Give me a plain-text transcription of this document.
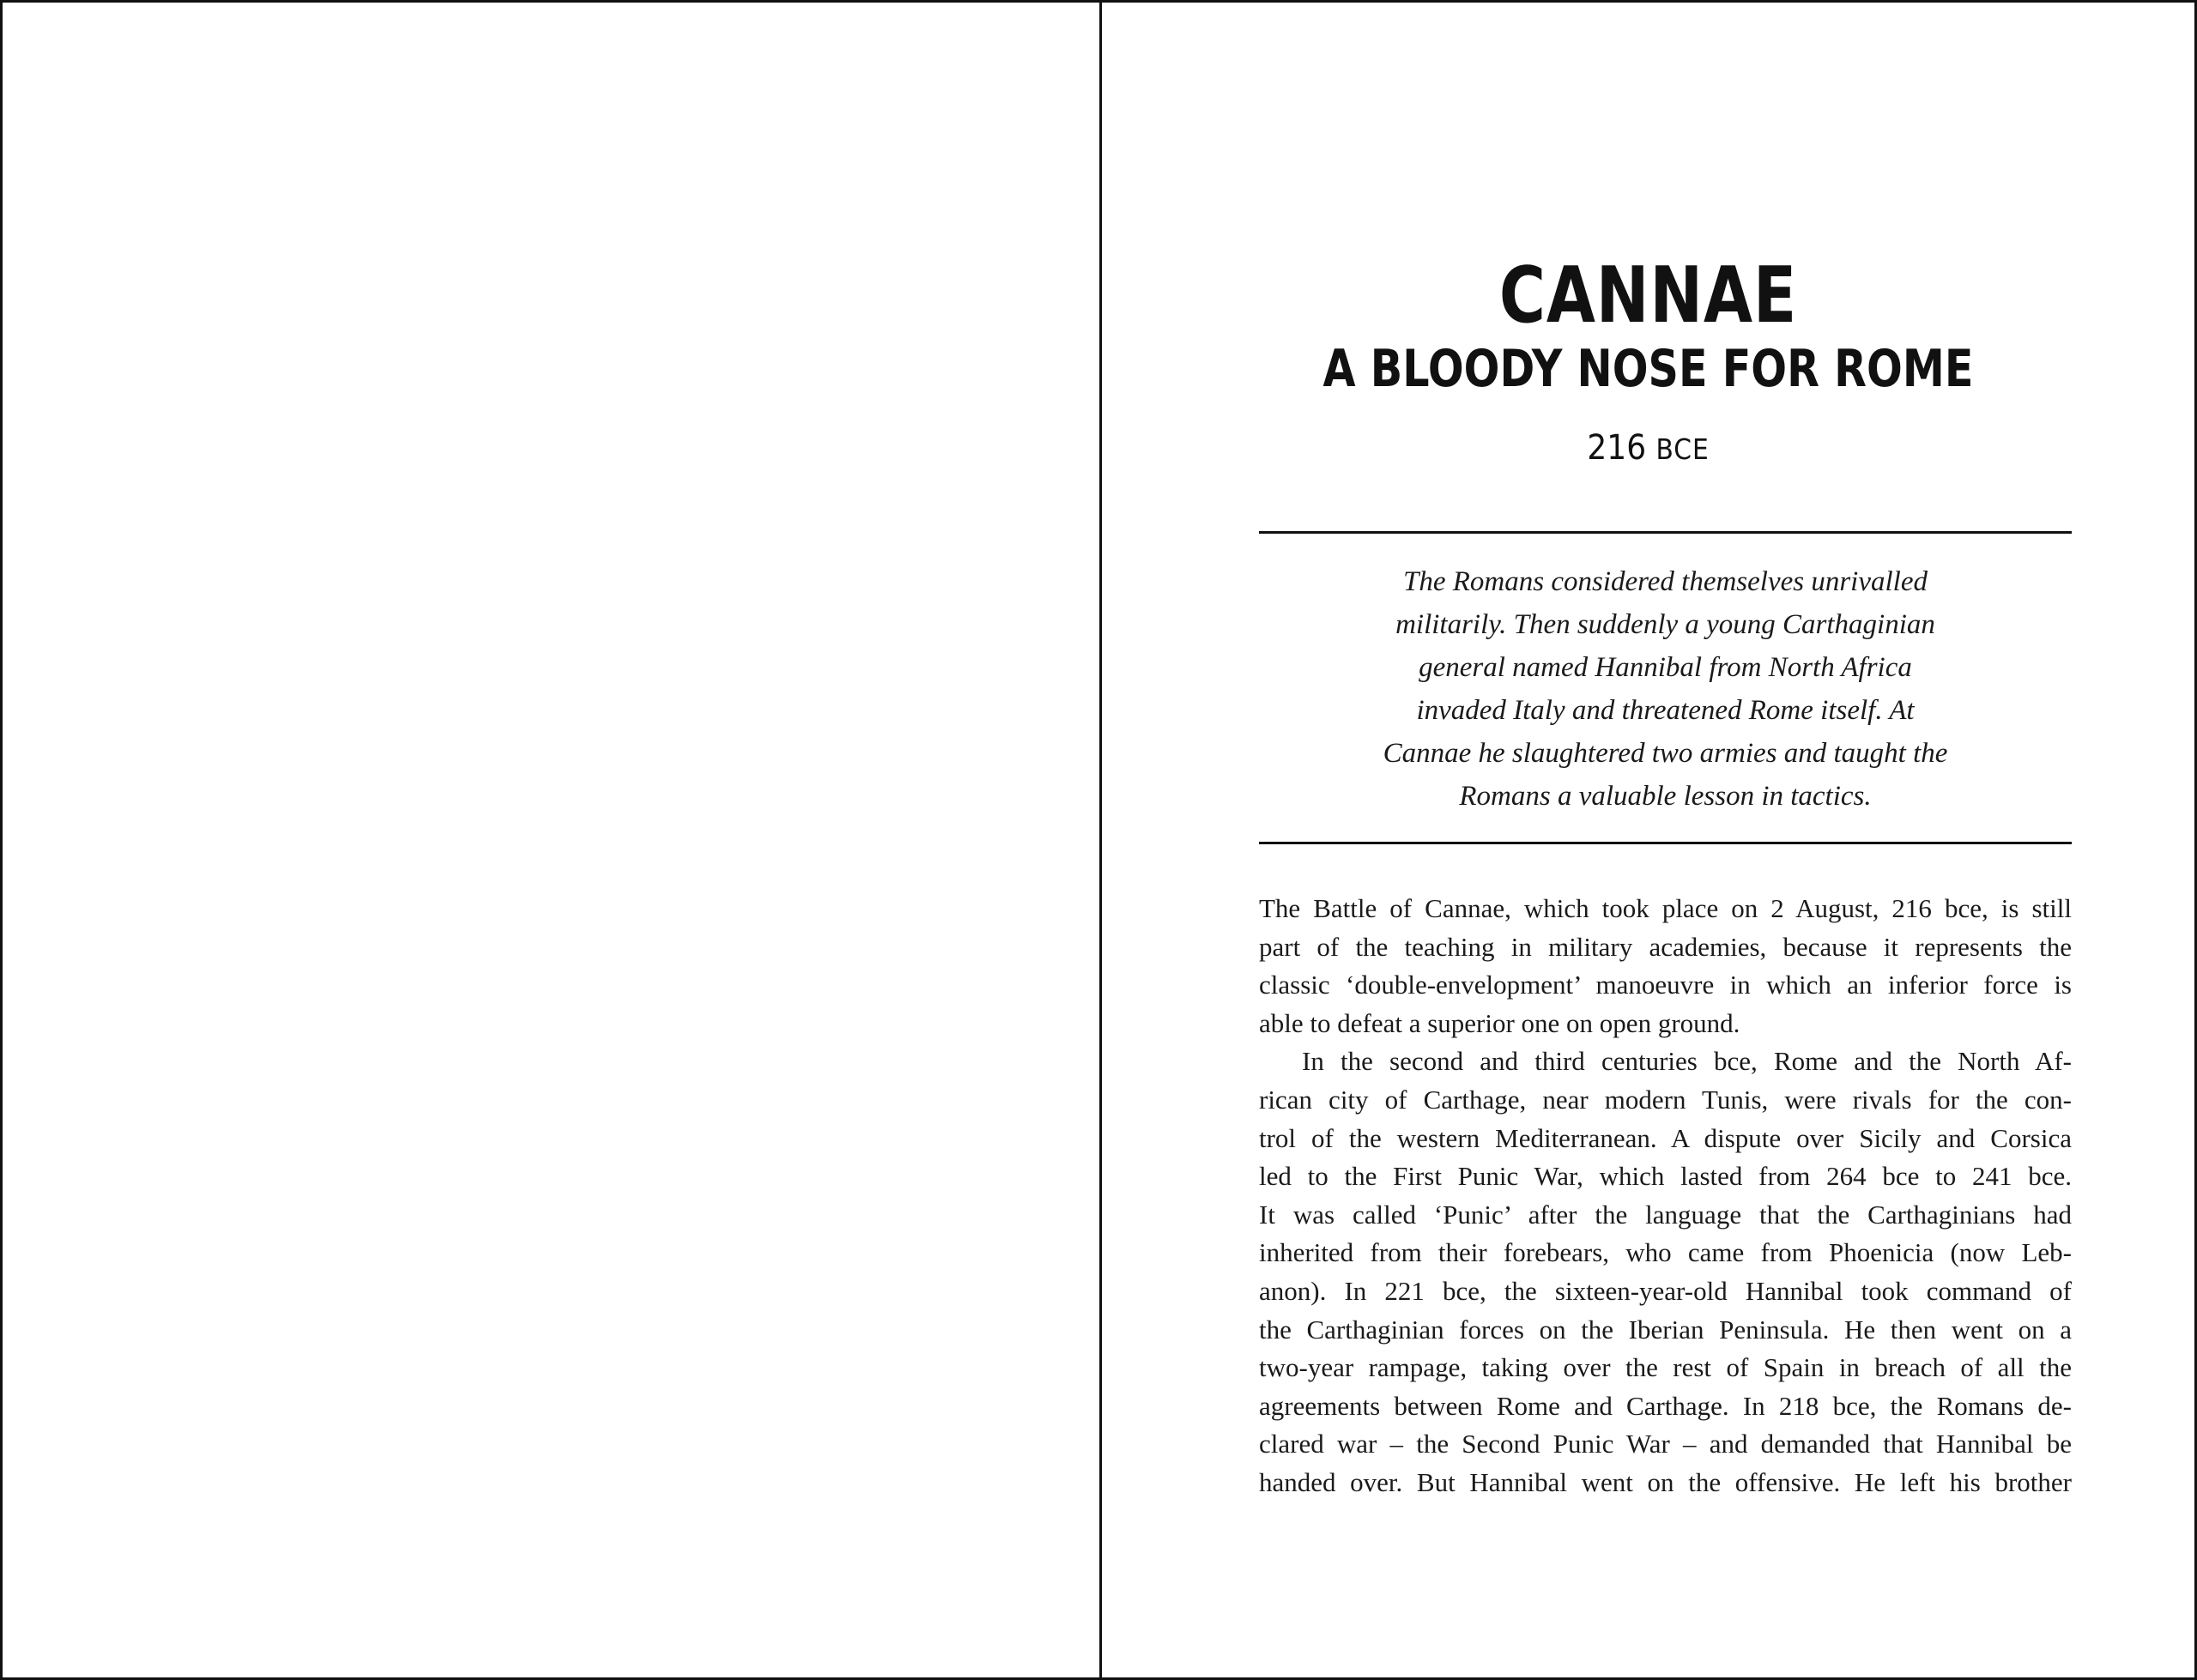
CANNAE
A BLOODY NOSE FOR ROME
216 BCE
The Romans considered themselves unrivalled
militarily. Then suddenly a young Carthaginian
general named Hannibal from North Africa
invaded Italy and threatened Rome itself. At
Cannae he slaughtered two armies and taught the
Romans a valuable lesson in tactics.
The Battle of Cannae, which took place on 2 August, 216 bce, is still
part of the teaching in military academies, because it represents the
classic ‘double-envelopment’ manoeuvre in which an inferior force is
able to defeat a superior one on open ground.
In the second and third centuries bce, Rome and the North Af-
rican city of Carthage, near modern Tunis, were rivals for the con-
trol of the western Mediterranean. A dispute over Sicily and Corsica
led to the First Punic War, which lasted from 264 bce to 241 bce.
It was called ‘Punic’ after the language that the Carthaginians had
inherited from their forebears, who came from Phoenicia (now Leb-
anon). In 221 bce, the sixteen-year-old Hannibal took command of
the Carthaginian forces on the Iberian Peninsula. He then went on a
two-year rampage, taking over the rest of Spain in breach of all the
agreements between Rome and Carthage. In 218 bce, the Romans de-
clared war – the Second Punic War – and demanded that Hannibal be
handed over. But Hannibal went on the offensive. He left his brother
